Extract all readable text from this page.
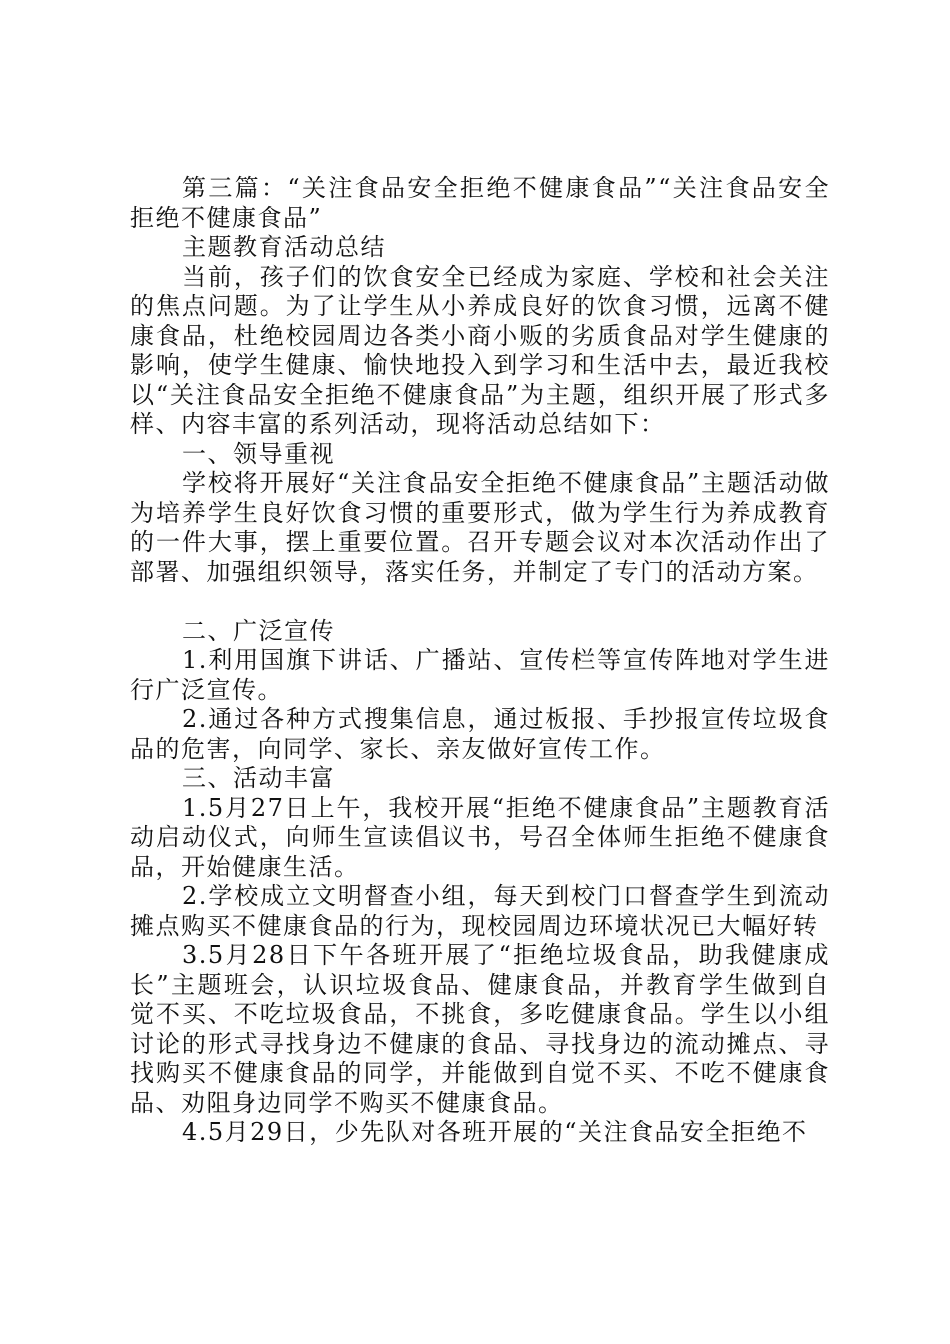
第三篇：“关注食品安全拒绝不健康食品”“关注食品安全拒绝不健康食品”

主题教育活动总结

当前，孩子们的饮食安全已经成为家庭、学校和社会关注的焦点问题。为了让学生从小养成良好的饮食习惯，远离不健康食品，杜绝校园周边各类小商小贩的劣质食品对学生健康的影响，使学生健康、愉快地投入到学习和生活中去，最近我校以“关注食品安全拒绝不健康食品”为主题，组织开展了形式多样、内容丰富的系列活动，现将活动总结如下：

一、领导重视

学校将开展好“关注食品安全拒绝不健康食品”主题活动做为培养学生良好饮食习惯的重要形式，做为学生行为养成教育的一件大事，摆上重要位置。召开专题会议对本次活动作出了部署、加强组织领导，落实任务，并制定了专门的活动方案。

二、广泛宣传

1.利用国旗下讲话、广播站、宣传栏等宣传阵地对学生进行广泛宣传。

2.通过各种方式搜集信息，通过板报、手抄报宣传垃圾食品的危害，向同学、家长、亲友做好宣传工作。

三、活动丰富

1.5月27日上午，我校开展“拒绝不健康食品”主题教育活动启动仪式，向师生宣读倡议书，号召全体师生拒绝不健康食品，开始健康生活。

2.学校成立文明督查小组，每天到校门口督查学生到流动摊点购买不健康食品的行为，现校园周边环境状况已大幅好转

3.5月28日下午各班开展了“拒绝垃圾食品，助我健康成长”主题班会，认识垃圾食品、健康食品，并教育学生做到自觉不买、不吃垃圾食品，不挑食，多吃健康食品。学生以小组讨论的形式寻找身边不健康的食品、寻找身边的流动摊点、寻找购买不健康食品的同学，并能做到自觉不买、不吃不健康食品、劝阻身边同学不购买不健康食品。

4.5月29日，少先队对各班开展的“关注食品安全拒绝不
